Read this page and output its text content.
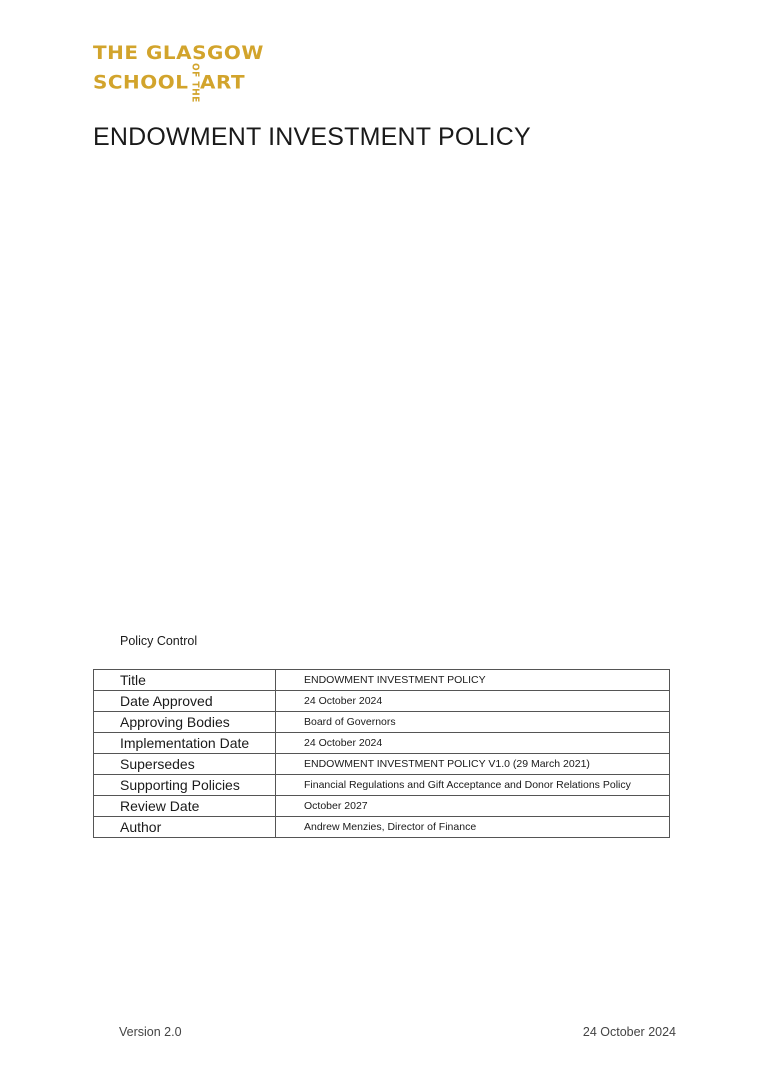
THE GLASGOW
SCHOOLOF THEART
ENDOWMENT INVESTMENT POLICY
Policy Control
Title	ENDOWMENT INVESTMENT POLICY
Date Approved	24 October 2024
Approving Bodies	Board of Governors
Implementation Date	24 October 2024
Supersedes	ENDOWMENT INVESTMENT POLICY V1.0 (29 March 2021)
Supporting Policies	Financial Regulations and Gift Acceptance and Donor Relations Policy
Review Date	October 2027
Author	Andrew Menzies, Director of Finance
Version 2.0	24 October 2024
